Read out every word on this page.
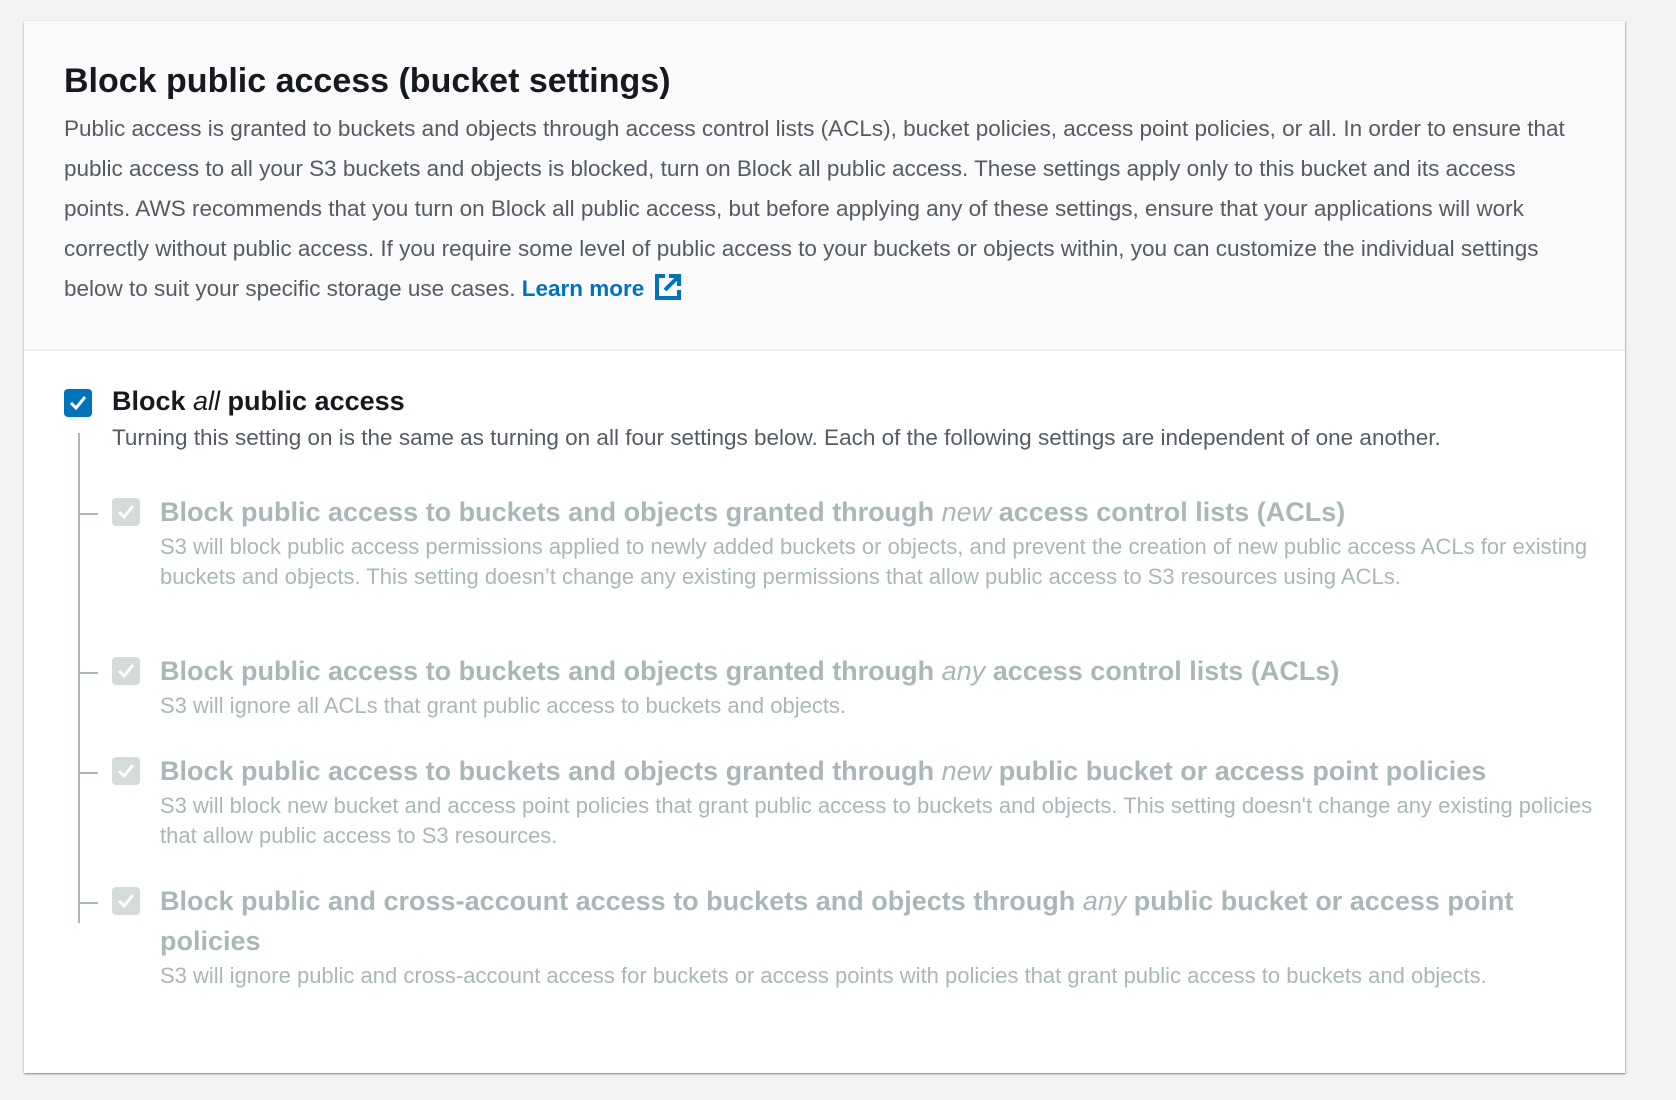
Block public access (bucket settings)

Public access is granted to buckets and objects through access control lists (ACLs), bucket policies, access point policies, or all. In order to ensure that public access to all your S3 buckets and objects is blocked, turn on Block all public access. These settings apply only to this bucket and its access points. AWS recommends that you turn on Block all public access, but before applying any of these settings, ensure that your applications will work correctly without public access. If you require some level of public access to your buckets or objects within, you can customize the individual settings below to suit your specific storage use cases. Learn more

Block all public access
Turning this setting on is the same as turning on all four settings below. Each of the following settings are independent of one another.
Block public access to buckets and objects granted through new access control lists (ACLs)
S3 will block public access permissions applied to newly added buckets or objects, and prevent the creation of new public access ACLs for existing buckets and objects. This setting doesn’t change any existing permissions that allow public access to S3 resources using ACLs.
Block public access to buckets and objects granted through any access control lists (ACLs)
S3 will ignore all ACLs that grant public access to buckets and objects.
Block public access to buckets and objects granted through new public bucket or access point policies
S3 will block new bucket and access point policies that grant public access to buckets and objects. This setting doesn't change any existing policies that allow public access to S3 resources.
Block public and cross-account access to buckets and objects through any public bucket or access point policies
S3 will ignore public and cross-account access for buckets or access points with policies that grant public access to buckets and objects.
